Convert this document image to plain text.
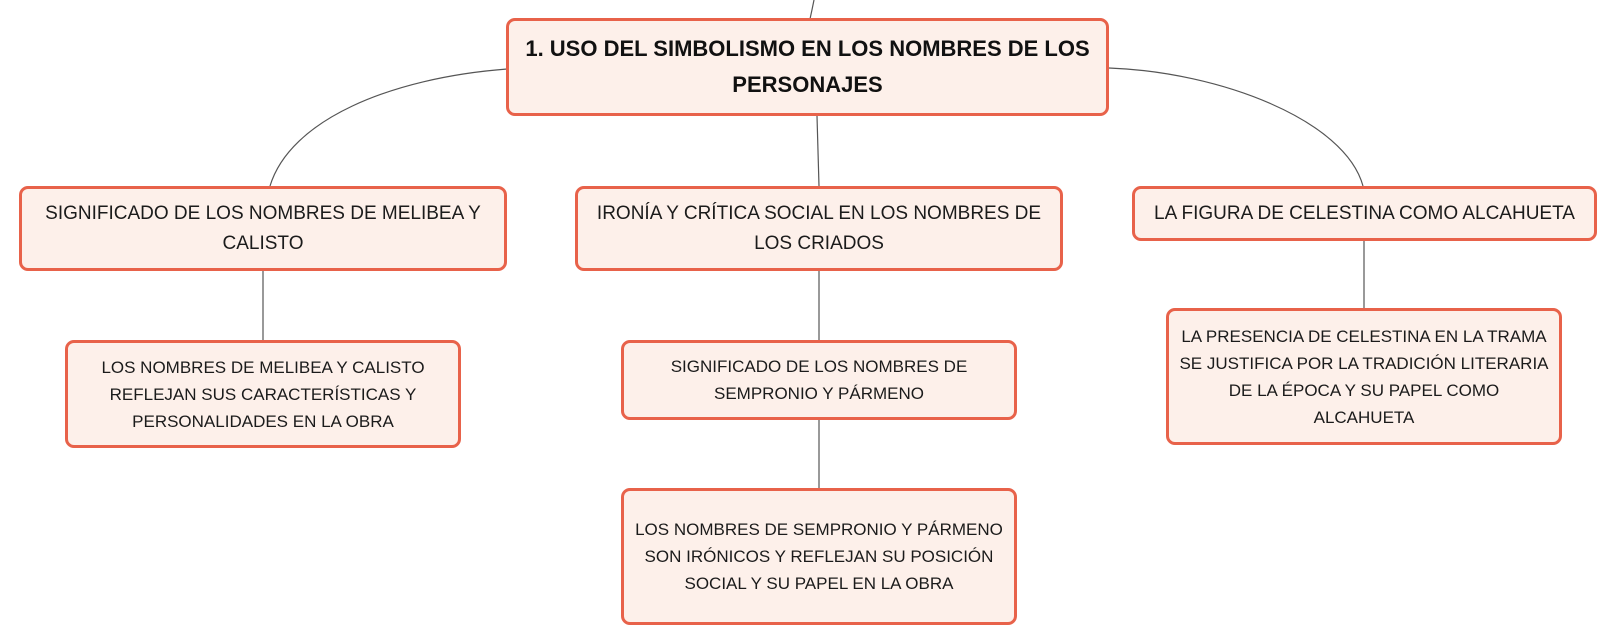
1. USO DEL SIMBOLISMO EN LOS NOMBRES DE LOS PERSONAJES
SIGNIFICADO DE LOS NOMBRES DE MELIBEA Y CALISTO
IRONÍA Y CRÍTICA SOCIAL EN LOS NOMBRES DE LOS CRIADOS
LA FIGURA DE CELESTINA COMO ALCAHUETA
LOS NOMBRES DE MELIBEA Y CALISTO REFLEJAN SUS CARACTERÍSTICAS Y PERSONALIDADES EN LA OBRA
SIGNIFICADO DE LOS NOMBRES DE SEMPRONIO Y PÁRMENO
LOS NOMBRES DE SEMPRONIO Y PÁRMENO SON IRÓNICOS Y REFLEJAN SU POSICIÓN SOCIAL Y SU PAPEL EN LA OBRA
LA PRESENCIA DE CELESTINA EN LA TRAMA SE JUSTIFICA POR LA TRADICIÓN LITERARIA DE LA ÉPOCA Y SU PAPEL COMO ALCAHUETA
